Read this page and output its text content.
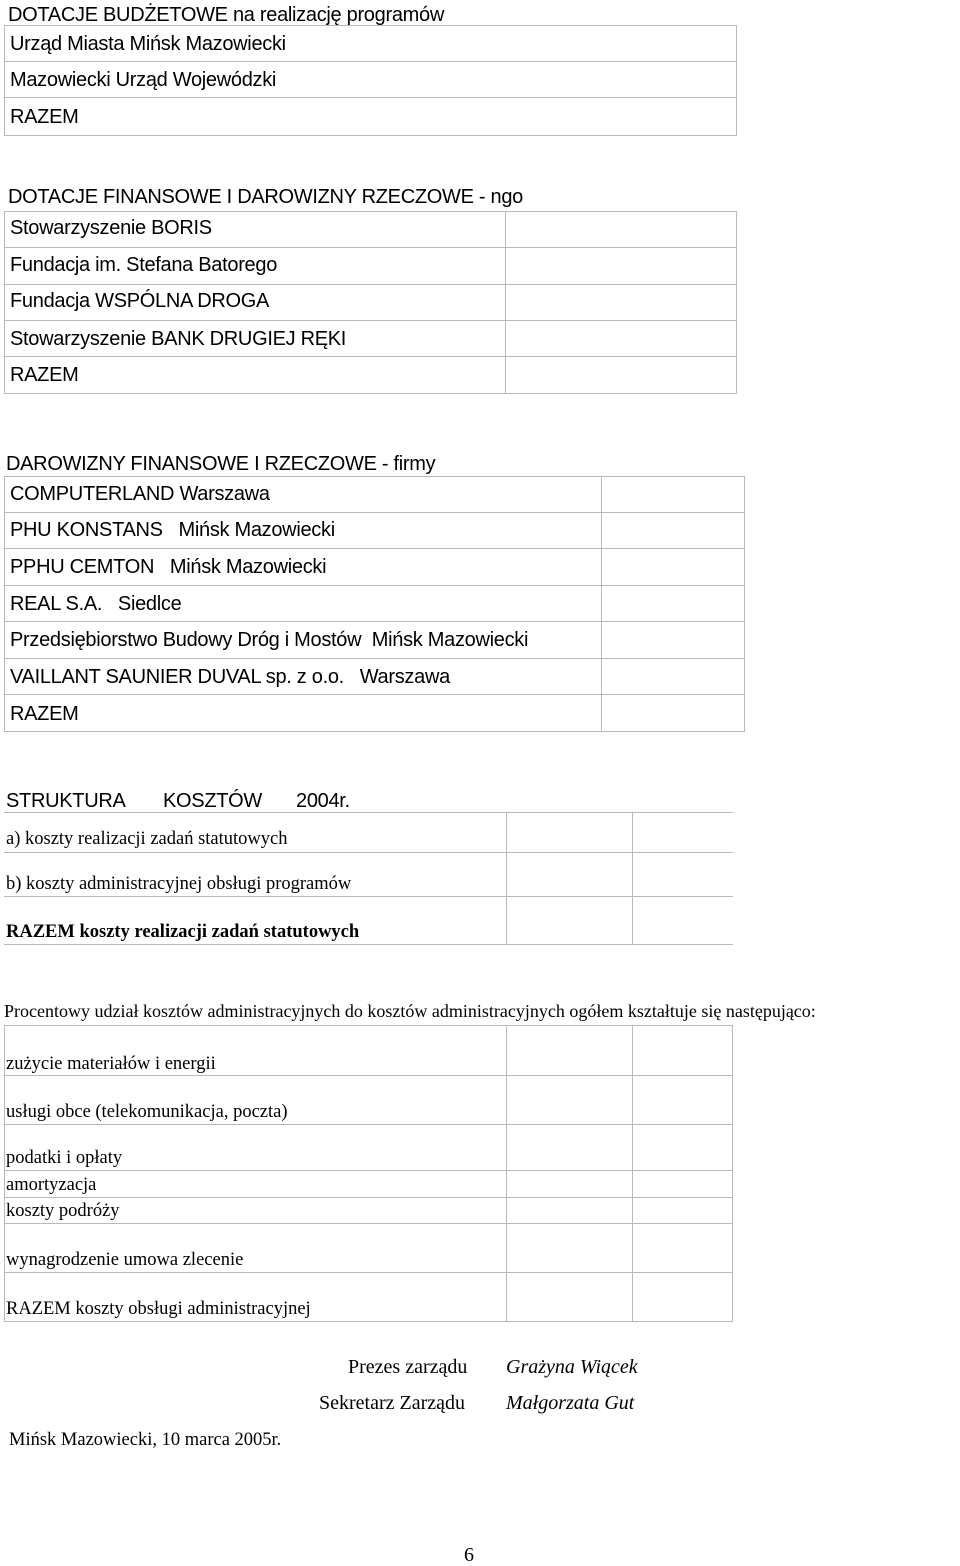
DOTACJE BUDŻETOWE na realizację programów
Urząd Miasta Mińsk Mazowiecki
Mazowiecki Urząd Wojewódzki
RAZEM
DOTACJE FINANSOWE I DAROWIZNY RZECZOWE - ngo
Stowarzyszenie BORIS
Fundacja im. Stefana Batorego
Fundacja WSPÓLNA DROGA
Stowarzyszenie BANK DRUGIEJ RĘKI
RAZEM
DAROWIZNY FINANSOWE I RZECZOWE - firmy
COMPUTERLAND Warszawa
PHU KONSTANS   Mińsk Mazowiecki
PPHU CEMTON   Mińsk Mazowiecki
REAL S.A.   Siedlce
Przedsiębiorstwo Budowy Dróg i Mostów  Mińsk Mazowiecki
VAILLANT SAUNIER DUVAL sp. z o.o.   Warszawa
RAZEM
STRUKTURA KOSZTÓW 2004r.
a) koszty realizacji zadań statutowych
b) koszty administracyjnej obsługi programów
RAZEM koszty realizacji zadań statutowych
Procentowy udział kosztów administracyjnych do kosztów administracyjnych ogółem kształtuje się następująco:
zużycie materiałów i energii
usługi obce (telekomunikacja, poczta)
podatki i opłaty
amortyzacja
koszty podróży
wynagrodzenie umowa zlecenie
RAZEM koszty obsługi administracyjnej
Prezes zarządu Grażyna Wiącek
Sekretarz Zarządu Małgorzata Gut
Mińsk Mazowiecki, 10 marca 2005r.
6
